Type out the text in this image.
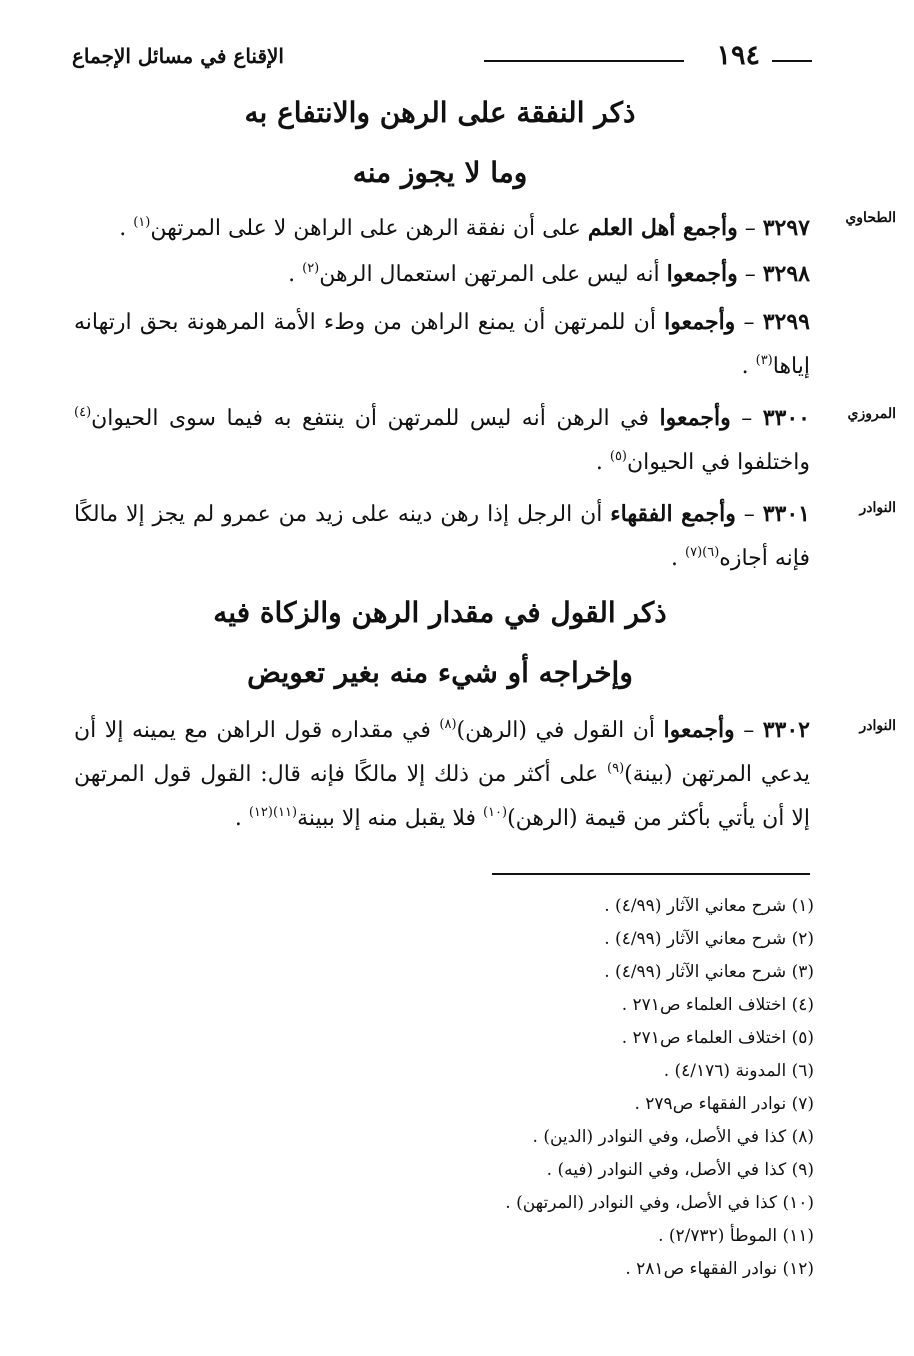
١٩٤
الإقناع في مسائل الإجماع
ذكر النفقة على الرهن والانتفاع به
وما لا يجوز منه
الطحاوي
٣٢٩٧ – وأجمع أهل العلم على أن نفقة الرهن على الراهن لا على المرتهن$^{(١)}$ .
٣٢٩٨ – وأجمعوا أنه ليس على المرتهن استعمال الرهن$^{(٢)}$ .
٣٢٩٩ – وأجمعوا أن للمرتهن أن يمنع الراهن من وطء الأمة المرهونة بحق ارتهانه إياها$^{(٣)}$ .
المروزي
٣٣٠٠ – وأجمعوا في الرهن أنه ليس للمرتهن أن ينتفع به فيما سوى الحيوان$^{(٤)}$ واختلفوا في الحيوان$^{(٥)}$ .
النوادر
٣٣٠١ – وأجمع الفقهاء أن الرجل إذا رهن دينه على زيد من عمرو لم يجز إلا مالكًا فإنه أجازه$^{(٦)(٧)}$ .
ذكر القول في مقدار الرهن والزكاة فيه
وإخراجه أو شيء منه بغير تعويض
النوادر
٣٣٠٢ – وأجمعوا أن القول في (الرهن)$^{(٨)}$ في مقداره قول الراهن مع يمينه إلا أن يدعي المرتهن (بينة)$^{(٩)}$ على أكثر من ذلك إلا مالكًا فإنه قال: القول قول المرتهن إلا أن يأتي بأكثر من قيمة (الرهن)$^{(١٠)}$ فلا يقبل منه إلا ببينة$^{(١١)(١٢)}$ .
(١) شرح معاني الآثار (٤/٩٩) .
(٢) شرح معاني الآثار (٤/٩٩) .
(٣) شرح معاني الآثار (٤/٩٩) .
(٤) اختلاف العلماء ص٢٧١ .
(٥) اختلاف العلماء ص٢٧١ .
(٦) المدونة (٤/١٧٦) .
(٧) نوادر الفقهاء ص٢٧٩ .
(٨) كذا في الأصل، وفي النوادر (الدين) .
(٩) كذا في الأصل، وفي النوادر (فيه) .
(١٠) كذا في الأصل، وفي النوادر (المرتهن) .
(١١) الموطأ (٢/٧٣٢) .
(١٢) نوادر الفقهاء ص٢٨١ .
